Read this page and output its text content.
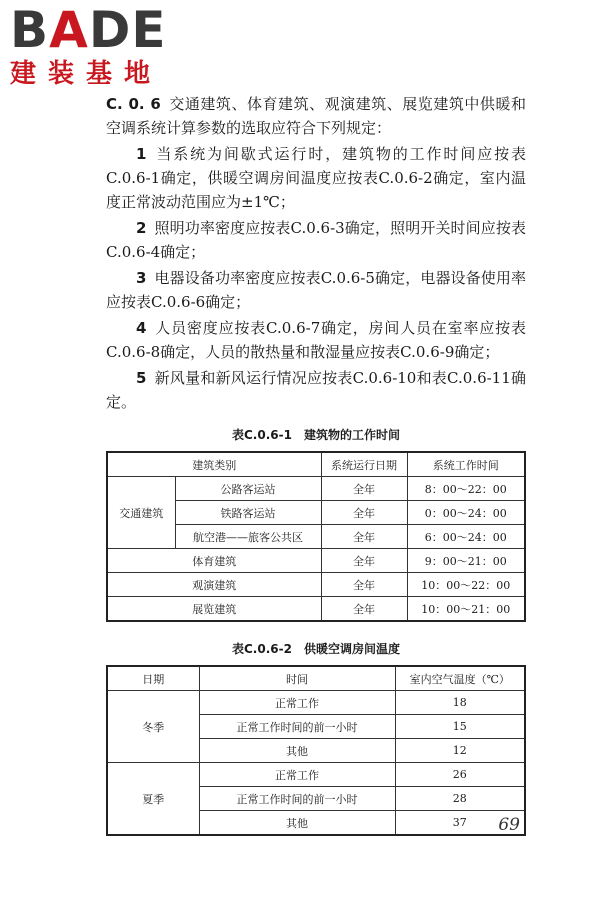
B A DE
建装基地

C. 0. 6 交通建筑、体育建筑、观演建筑、展览建筑中供暖和空调系统计算参数的选取应符合下列规定：

1 当系统为间歇式运行时，建筑物的工作时间应按表C.0.6-1确定，供暖空调房间温度应按表C.0.6-2确定，室内温度正常波动范围应为±1℃；

2 照明功率密度应按表C.0.6-3确定，照明开关时间应按表C.0.6-4确定；

3 电器设备功率密度应按表C.0.6-5确定，电器设备使用率应按表C.0.6-6确定；

4 人员密度应按表C.0.6-7确定，房间人员在室率应按表C.0.6-8确定，人员的散热量和散湿量应按表C.0.6-9确定；

5 新风量和新风运行情况应按表C.0.6-10和表C.0.6-11确定。

表C.0.6-1 建筑物的工作时间
建筑类别		系统运行日期	系统工作时间
交通建筑	公路客运站	全年	8：00～22：00
	铁路客运站	全年	0：00～24：00
	航空港——旅客公共区	全年	6：00～24：00
体育建筑		全年	9：00～21：00
观演建筑		全年	10：00～22：00
展览建筑		全年	10：00～21：00
表C.0.6-2 供暖空调房间温度
日期	时间	室内空气温度（℃）
冬季	正常工作	18
	正常工作时间的前一小时	15
	其他	12
夏季	正常工作	26
	正常工作时间的前一小时	28
	其他	37 69
